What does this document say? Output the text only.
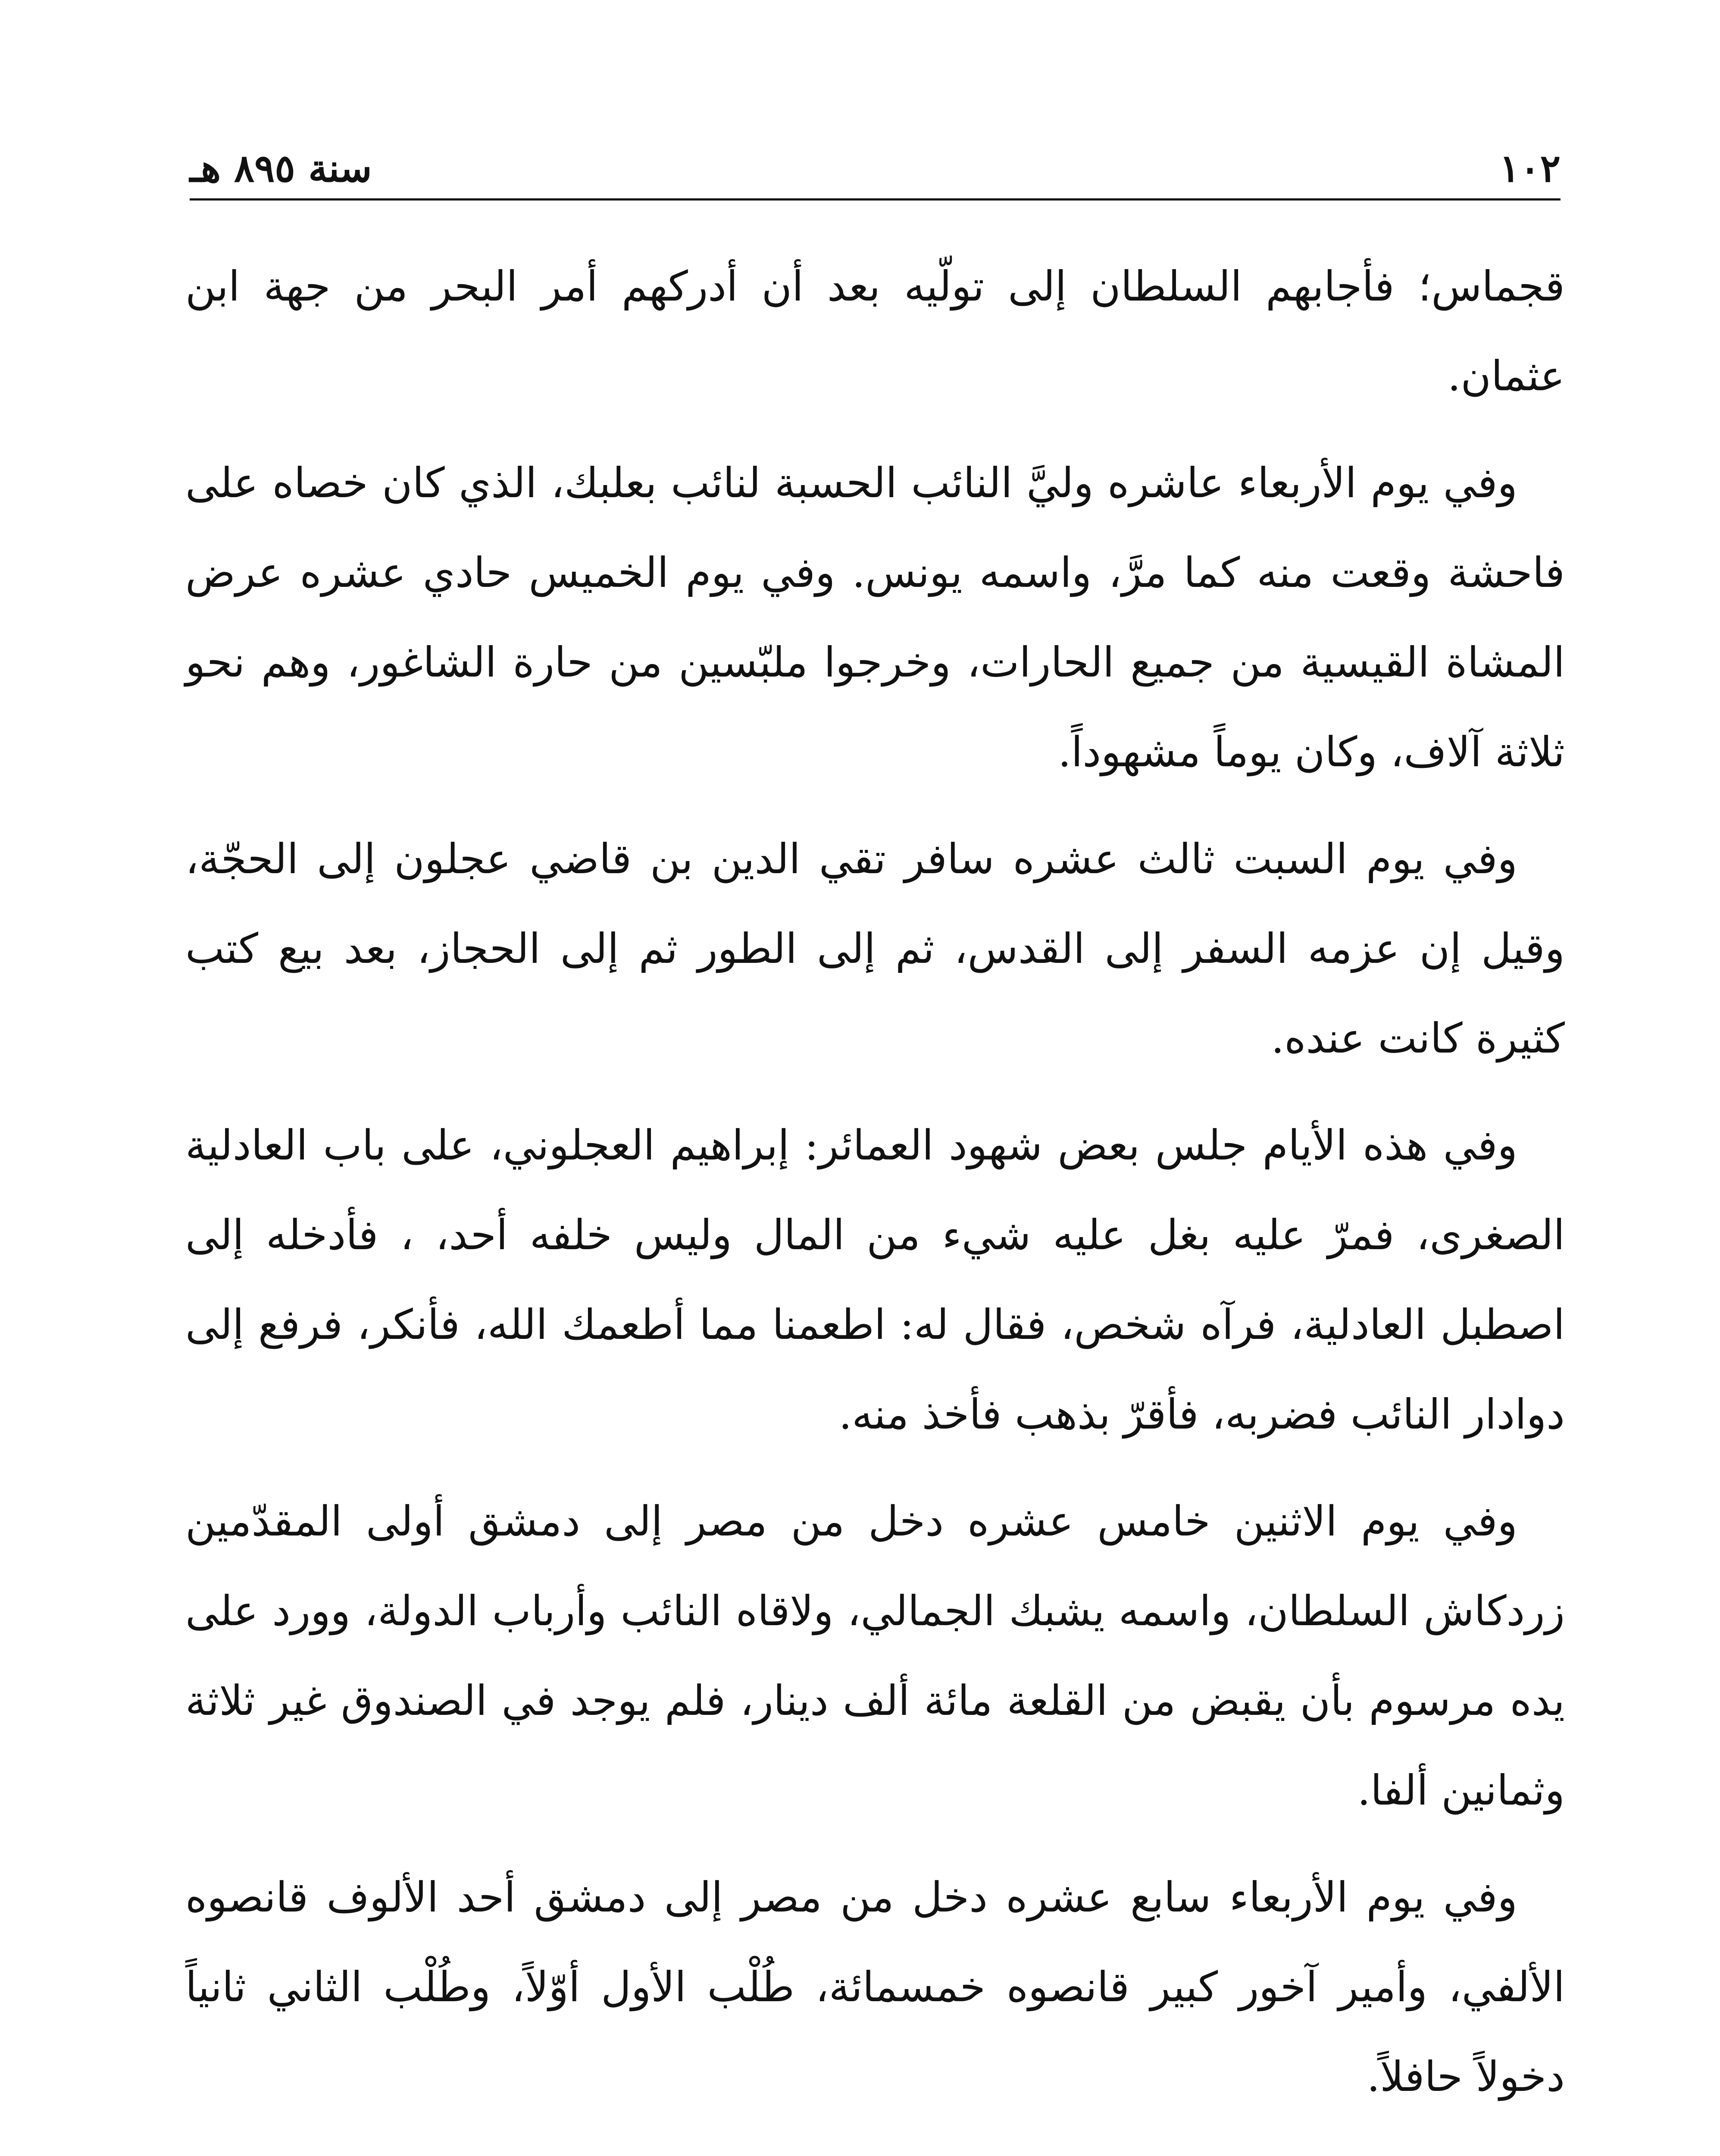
١٠٢
سنة ٨٩٥ هـ

قجماس؛ فأجابهم السلطان إلى تولّيه بعد أن أدركهم أمر البحر من جهة ابن عثمان.

وفي يوم الأربعاء عاشره وليَّ النائب الحسبة لنائب بعلبك، الذي كان خصاه على فاحشة وقعت منه كما مرَّ، واسمه يونس. وفي يوم الخميس حادي عشره عرض المشاة القيسية من جميع الحارات، وخرجوا ملبّسين من حارة الشاغور، وهم نحو ثلاثة آلاف، وكان يوماً مشهوداً.

وفي يوم السبت ثالث عشره سافر تقي الدين بن قاضي عجلون إلى الحجّة، وقيل إن عزمه السفر إلى القدس، ثم إلى الطور ثم إلى الحجاز، بعد بيع كتب كثيرة كانت عنده.

وفي هذه الأيام جلس بعض شهود العمائر: إبراهيم العجلوني، على باب العادلية الصغرى، فمرّ عليه بغل عليه شيء من المال وليس خلفه أحد، ، فأدخله إلى اصطبل العادلية، فرآه شخص، فقال له: اطعمنا مما أطعمك الله، فأنكر، فرفع إلى دوادار النائب فضربه، فأقرّ بذهب فأخذ منه.

وفي يوم الاثنين خامس عشره دخل من مصر إلى دمشق أولى المقدّمين زردكاش السلطان، واسمه يشبك الجمالي، ولاقاه النائب وأرباب الدولة، وورد على يده مرسوم بأن يقبض من القلعة مائة ألف دينار، فلم يوجد في الصندوق غير ثلاثة وثمانين ألفا.

وفي يوم الأربعاء سابع عشره دخل من مصر إلى دمشق أحد الألوف قانصوه الألفي، وأمير آخور كبير قانصوه خمسمائة، طُلْب الأول أوّلاً، وطُلْب الثاني ثانياً دخولاً حافلاً.
